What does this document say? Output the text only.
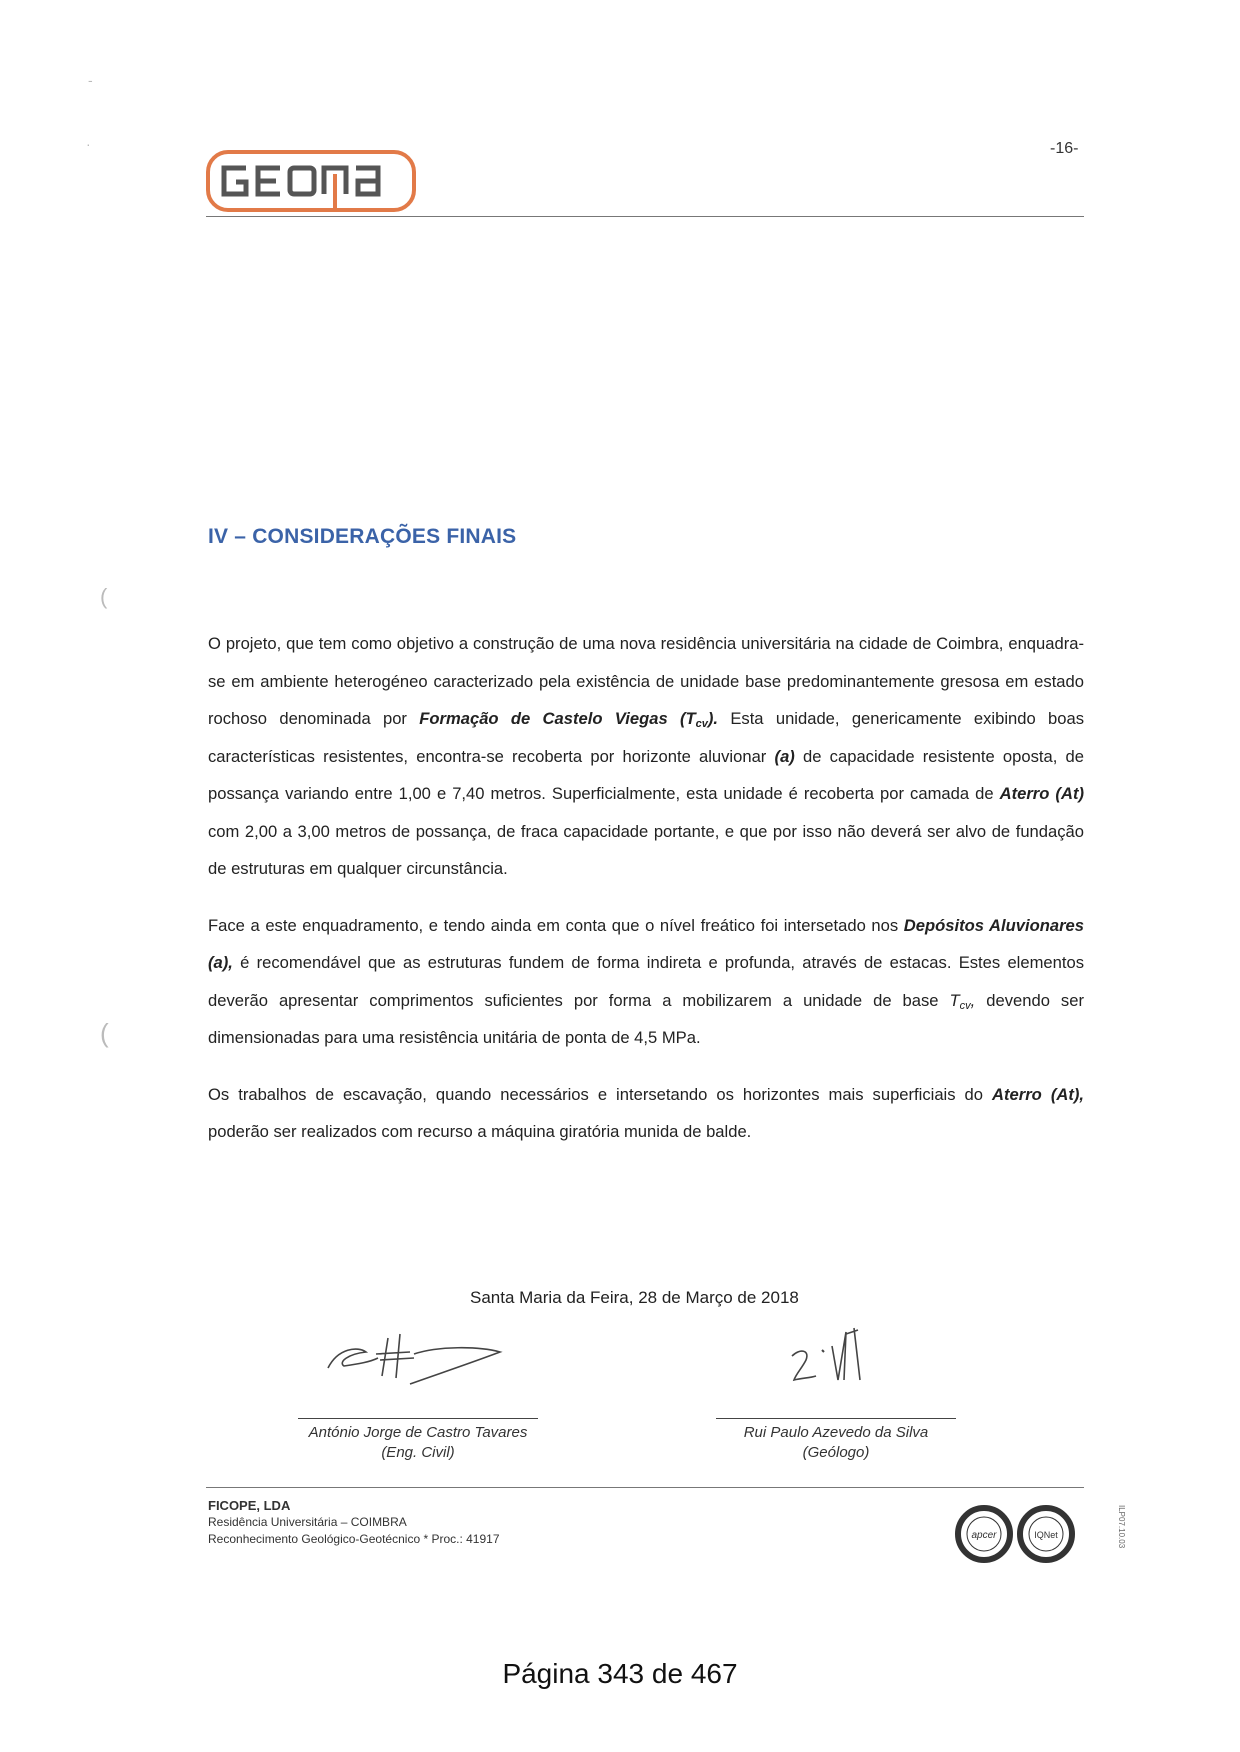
-16-
-
·
(
(
IV – CONSIDERAÇÕES FINAIS

O projeto, que tem como objetivo a construção de uma nova residência universitária na cidade de Coimbra, enquadra-se em ambiente heterogéneo caracterizado pela existência de unidade base predominantemente gresosa em estado rochoso denominada por Formação de Castelo Viegas $(T_{cv})$. Esta unidade, genericamente exibindo boas características resistentes, encontra-se recoberta por horizonte aluvionar (a) de capacidade resistente oposta, de possança variando entre 1,00 e 7,40 metros. Superficialmente, esta unidade é recoberta por camada de Aterro (At) com 2,00 a 3,00 metros de possança, de fraca capacidade portante, e que por isso não deverá ser alvo de fundação de estruturas em qualquer circunstância.

Face a este enquadramento, e tendo ainda em conta que o nível freático foi intersetado nos Depósitos Aluvionares (a), é recomendável que as estruturas fundem de forma indireta e profunda, através de estacas. Estes elementos deverão apresentar comprimentos suficientes por forma a mobilizarem a unidade de base $T_{cv}$, devendo ser dimensionadas para uma resistência unitária de ponta de 4,5 MPa.

Os trabalhos de escavação, quando necessários e intersetando os horizontes mais superficiais do Aterro (At), poderão ser realizados com recurso a máquina giratória munida de balde.

Santa Maria da Feira, 28 de Março de 2018
António Jorge de Castro Tavares
(Eng. Civil)
Rui Paulo Azevedo da Silva
(Geólogo)
FICOPE, LDA
Residência Universitária – COIMBRA
Reconhecimento Geológico-Geotécnico * Proc.: 41917	apcer	IQNet	ILP07.10.03
Página 343 de 467
